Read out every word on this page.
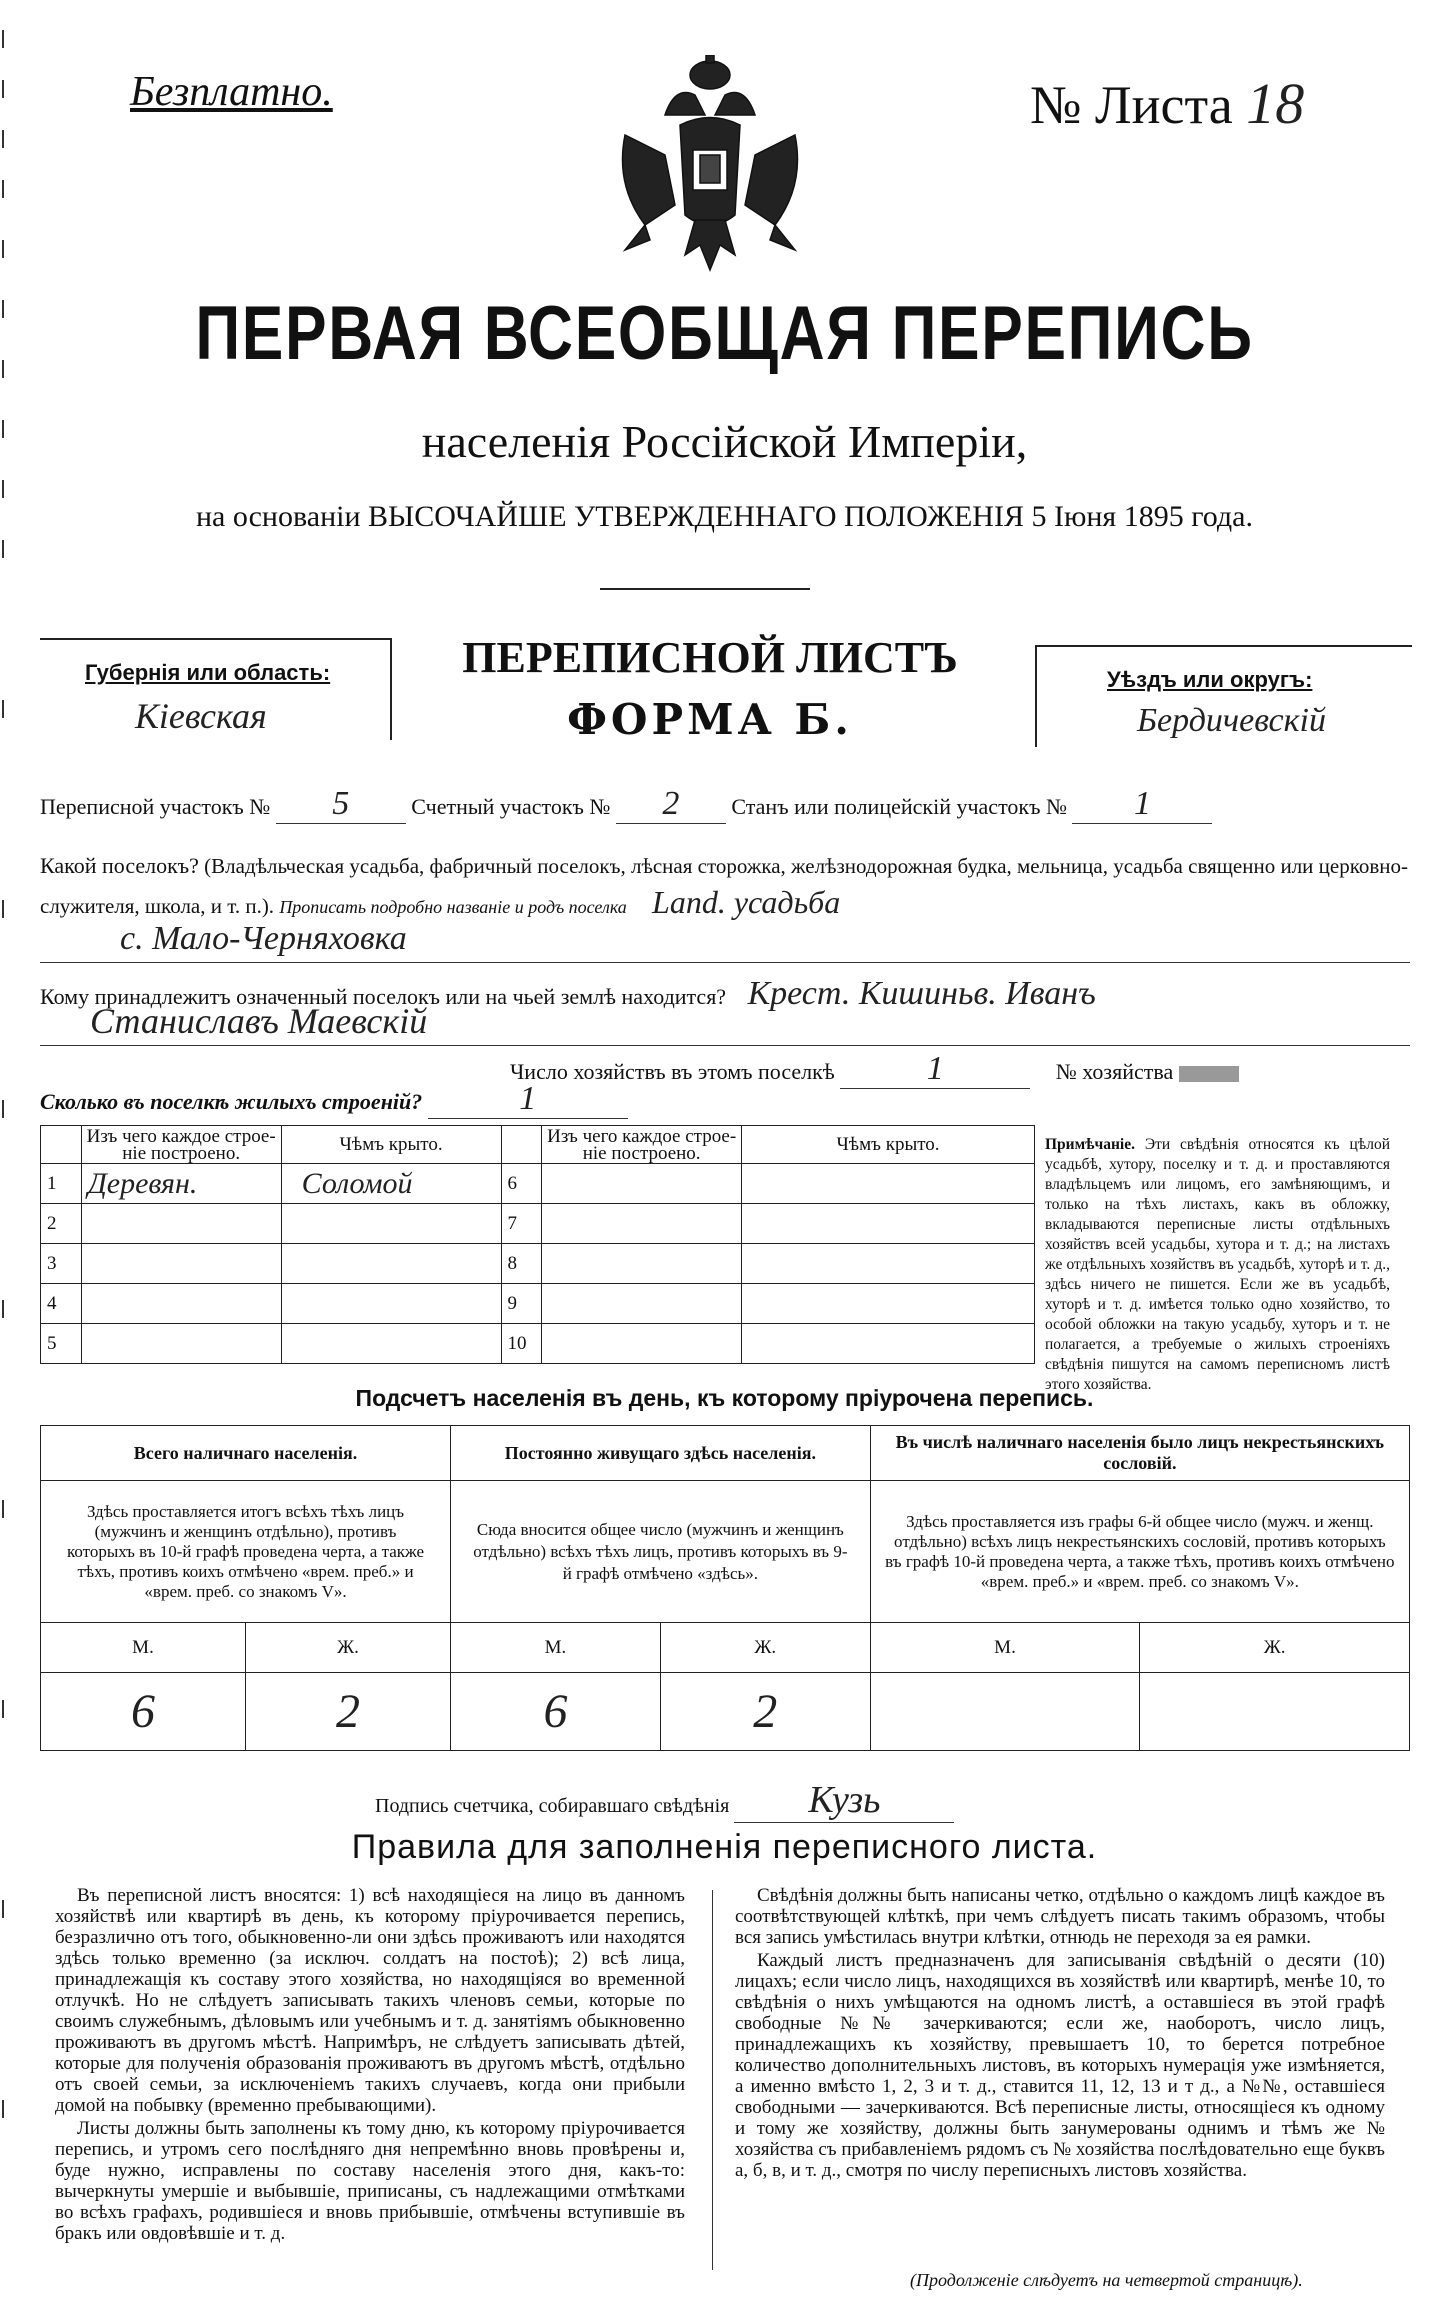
Безплатно.	№ Листа 18
ПЕРВАЯ ВСЕОБЩАЯ ПЕРЕПИСЬ
населенія Россійской Имперіи,
на основаніи ВЫСОЧАЙШЕ УТВЕРЖДЕННАГО ПОЛОЖЕНІЯ 5 Іюня 1895 года.
Губернія или область:
Кіевская
ПЕРЕПИСНОЙ ЛИСТЪ
ФОРМА Б.
Уѣздъ или округъ:
Бердичевскій
Переписной участокъ № 5	Счетный участокъ № 2 Станъ или полицейскій участокъ № 1
Какой поселокъ? (Владѣльческая усадьба, фабричный поселокъ, лѣсная сторожка, желѣзнодорожная будка, мельница, усадьба священно или церковно-служителя, школа, и т. п.). Прописать подробно названіе и родъ поселка Land. усадьба
с. Мало-Черняховка
Кому принадлежитъ означенный поселокъ или на чьей землѣ находится? Крест. Кишиньв. Иванъ
Станиславъ Маевскій
Число хозяйствъ въ этомъ поселкѣ	1	№ хозяйства
Сколько въ поселкѣ жилыхъ строеній?	1
	Изъ чего каждое строе-ніе построено.	Чѣмъ крыто.		Изъ чего каждое строе-ніе построено.	Чѣмъ крыто.
1	Деревян.	Соломой	6		
2			7		
3			8		
4			9		
5			10		
Примѣчаніе. Эти свѣдѣнія относятся къ цѣлой усадьбѣ, хутору, поселку и т. д. и проставляются владѣльцемъ или лицомъ, его замѣняющимъ, и только на тѣхъ листахъ, какъ въ обложку, вкладываются переписные листы отдѣльныхъ хозяйствъ всей усадьбы, хутора и т. д.; на листахъ же отдѣльныхъ хозяйствъ въ усадьбѣ, хуторѣ и т. д., здѣсь ничего не пишется. Если же въ усадьбѣ, хуторѣ и т. д. имѣется только одно хозяйство, то особой обложки на такую усадьбу, хуторъ и т. не полагается, а требуемые о жилыхъ строеніяхъ свѣдѣнія пишутся на самомъ переписномъ листѣ этого хозяйства.
Подсчетъ населенія въ день, къ которому пріурочена перепись.
Всего наличнаго населенія.		Постоянно живущаго здѣсь населенія.		Въ числѣ наличнаго населенія было лицъ некрестьянскихъ сословій.	
Здѣсь проставляется итогъ всѣхъ тѣхъ лицъ (мужчинъ и женщинъ отдѣльно), противъ которыхъ въ 10-й графѣ проведена черта, а также тѣхъ, противъ коихъ отмѣчено «врем. преб.» и «врем. преб. со знакомъ V».		Сюда вносится общее число (мужчинъ и женщинъ отдѣльно) всѣхъ тѣхъ лицъ, противъ которыхъ въ 9-й графѣ отмѣчено «здѣсь».		Здѣсь проставляется изъ графы 6-й общее число (мужч. и женщ. отдѣльно) всѣхъ лицъ некрестьянскихъ сословій, противъ которыхъ въ графѣ 10-й проведена черта, а также тѣхъ, противъ коихъ отмѣчено «врем. преб.» и «врем. преб. со знакомъ V».	
М.	Ж.	М.	Ж.	М.	Ж.
6	2	6	2		
Подпись счетчика, собиравшаго свѣдѣнія Кузь
Правила для заполненія переписного листа.

Въ переписной листъ вносятся: 1) всѣ находящіеся на лицо въ данномъ хозяйствѣ или квартирѣ въ день, къ которому пріурочивается перепись, безразлично отъ того, обыкновенно-ли они здѣсь проживаютъ или находятся здѣсь только временно (за исключ. солдатъ на постоѣ); 2) всѣ лица, принадлежащія къ составу этого хозяйства, но находящіяся во временной отлучкѣ. Но не слѣдуетъ записывать такихъ членовъ семьи, которые по своимъ служебнымъ, дѣловымъ или учебнымъ и т. д. занятіямъ обыкновенно проживаютъ въ другомъ мѣстѣ. Напримѣръ, не слѣдуетъ записывать дѣтей, которые для полученія образованія проживаютъ въ другомъ мѣстѣ, отдѣльно отъ своей семьи, за исключеніемъ такихъ случаевъ, когда они прибыли домой на побывку (временно пребывающими).

Листы должны быть заполнены къ тому дню, къ которому пріурочивается перепись, и утромъ сего послѣдняго дня непремѣнно вновь провѣрены и, буде нужно, исправлены по составу населенія этого дня, какъ-то: вычеркнуты умершіе и выбывшіе, приписаны, съ надлежащими отмѣтками во всѣхъ графахъ, родившіеся и вновь прибывшіе, отмѣчены вступившіе въ бракъ или овдовѣвшіе и т. д.

Свѣдѣнія должны быть написаны четко, отдѣльно о каждомъ лицѣ каждое въ соотвѣтствующей клѣткѣ, при чемъ слѣдуетъ писать такимъ образомъ, чтобы вся запись умѣстилась внутри клѣтки, отнюдь не переходя за ея рамки.

Каждый листъ предназначенъ для записыванія свѣдѣній о десяти (10) лицахъ; если число лицъ, находящихся въ хозяйствѣ или квартирѣ, менѣе 10, то свѣдѣнія о нихъ умѣщаются на одномъ листѣ, а оставшіеся въ этой графѣ свободные №№ зачеркиваются; если же, наоборотъ, число лицъ, принадлежащихъ къ хозяйству, превышаетъ 10, то берется потребное количество дополнительныхъ листовъ, въ которыхъ нумерація уже измѣняется, а именно вмѣсто 1, 2, 3 и т. д., ставится 11, 12, 13 и т д., а №№, оставшіеся свободными — зачеркиваются. Всѣ переписные листы, относящіеся къ одному и тому же хозяйству, должны быть занумерованы однимъ и тѣмъ же № хозяйства съ прибавленіемъ рядомъ съ № хозяйства послѣдовательно еще буквъ а, б, в, и т. д., смотря по числу переписныхъ листовъ хозяйства.

(Продолженіе слѣдуетъ на четвертой страницѣ).
